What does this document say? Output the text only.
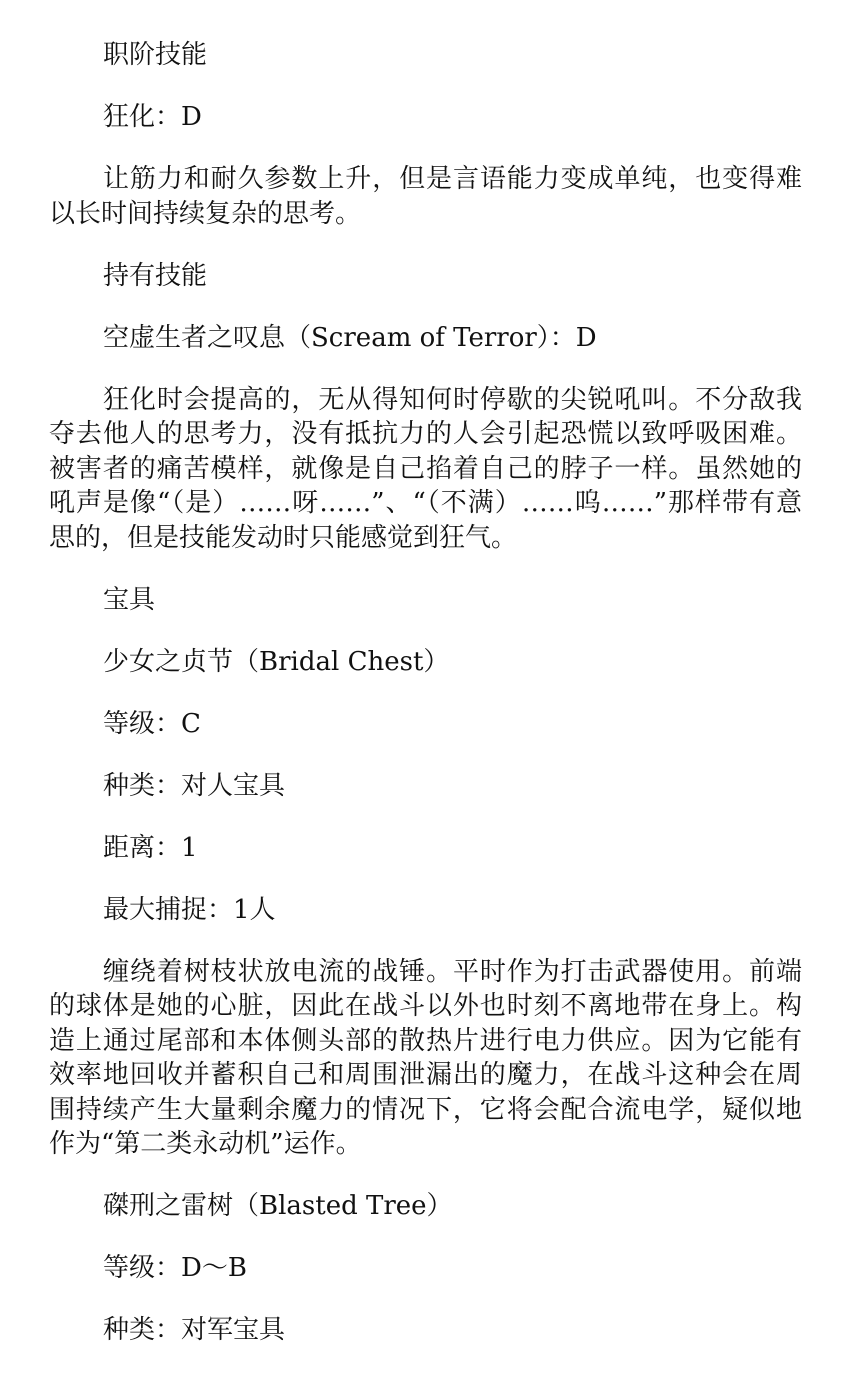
职阶技能

狂化：D

让筋力和耐久参数上升，但是言语能力变成单纯，也变得难以长时间持续复杂的思考。

持有技能

空虚生者之叹息（Scream of Terror）：D

狂化时会提高的，无从得知何时停歇的尖锐吼叫。不分敌我夺去他人的思考力，没有抵抗力的人会引起恐慌以致呼吸困难。被害者的痛苦模样，就像是自己掐着自己的脖子一样。虽然她的吼声是像“（是）……呀……”、“（不满）……呜……”那样带有意思的，但是技能发动时只能感觉到狂气。

宝具

少女之贞节（Bridal Chest）

等级：C

种类：对人宝具

距离：1

最大捕捉：1人

缠绕着树枝状放电流的战锤。平时作为打击武器使用。前端的球体是她的心脏，因此在战斗以外也时刻不离地带在身上。构造上通过尾部和本体侧头部的散热片进行电力供应。因为它能有效率地回收并蓄积自己和周围泄漏出的魔力，在战斗这种会在周围持续产生大量剩余魔力的情况下，它将会配合流电学，疑似地作为“第二类永动机”运作。

磔刑之雷树（Blasted Tree）

等级：D～B

种类：对军宝具
